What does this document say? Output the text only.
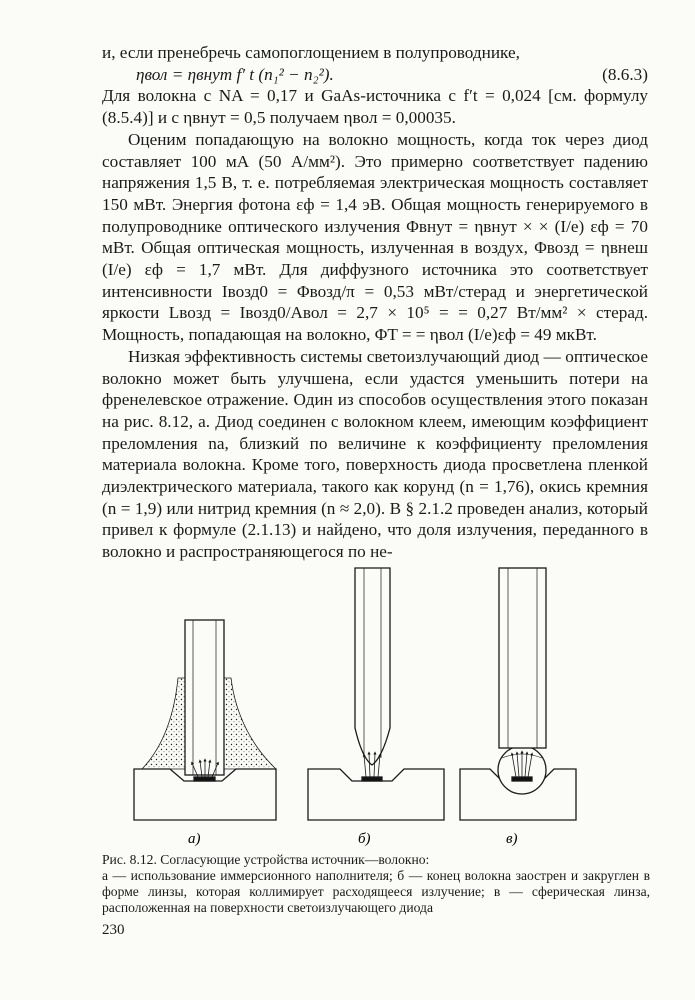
и, если пренебречь самопоглощением в полупроводнике,

ηвол = ηвнут f′ t (n₁² − n₂²).	(8.6.3)

Для волокна с NA = 0,17 и GaAs-источника с f′t = 0,024 [см. формулу (8.5.4)] и с ηвнут = 0,5 получаем ηвол = 0,00035.

Оценим попадающую на волокно мощность, когда ток через диод составляет 100 мА (50 А/мм²). Это примерно соответствует падению напряжения 1,5 В, т. е. потребляемая электрическая мощность составляет 150 мВт. Энергия фотона εф = 1,4 эВ. Общая мощность генерируемого в полупроводнике оптического излучения Φвнут = ηвнут × × (I/e) εф = 70 мВт. Общая оптическая мощность, излученная в воздух, Φвозд = ηвнеш (I/e) εф = 1,7 мВт. Для диффузного источника это соответствует интенсивности Iвозд0 = Φвозд/π = 0,53 мВт/стерад и энергетической яркости Lвозд = Iвозд0/Aвол = 2,7 × 10⁵ = = 0,27 Вт/мм² × стерад. Мощность, попадающая на волокно, ΦT = = ηвол (I/e)εф = 49 мкВт.

Низкая эффективность системы светоизлучающий диод — оптическое волокно может быть улучшена, если удастся уменьшить потери на френелевское отражение. Один из способов осуществления этого показан на рис. 8.12, а. Диод соединен с волокном клеем, имеющим коэффициент преломления na, близкий по величине к коэффициенту преломления материала волокна. Кроме того, поверхность диода просветлена пленкой диэлектрического материала, такого как корунд (n = 1,76), окись кремния (n = 1,9) или нитрид кремния (n ≈ 2,0). В § 2.1.2 проведен анализ, который привел к формуле (2.1.13) и найдено, что доля излучения, переданного в волокно и распространяющегося по не-

а)	б)	в)

Рис. 8.12. Согласующие устройства источник—волокно:

а — использование иммерсионного наполнителя; б — конец волокна заострен и закруглен в форме линзы, которая коллимирует расходящееся излучение; в — сферическая линза, расположенная на поверхности светоизлучающего диода

230
